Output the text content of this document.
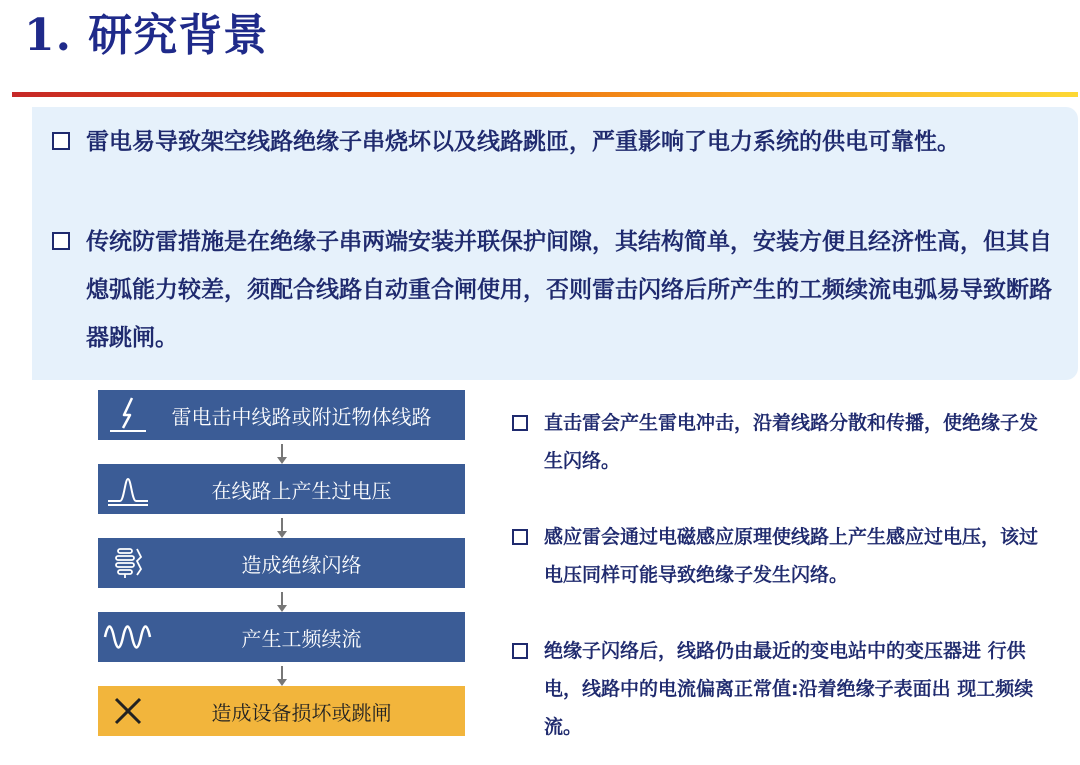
1. 研究背景
雷电易导致架空线路绝缘子串烧坏以及线路跳匝，严重影响了电力系统的供电可靠性。
传统防雷措施是在绝缘子串两端安装并联保护间隙，其结构简单，安装方便且经济性高，但其自熄弧能力较差，须配合线路自动重合闸使用，否则雷击闪络后所产生的工频续流电弧易导致断路器跳闸。
雷电击中线路或附近物体线路
在线路上产生过电压
造成绝缘闪络
产生工频续流
造成设备损坏或跳闸
直击雷会产生雷电冲击，沿着线路分散和传播，使绝缘子发生闪络。
感应雷会通过电磁感应原理使线路上产生感应过电压，该过电压同样可能导致绝缘子发生闪络。
绝缘子闪络后，线路仍由最近的变电站中的变压器进 行供电，线路中的电流偏离正常值:沿着绝缘子表面出 现工频续流。
